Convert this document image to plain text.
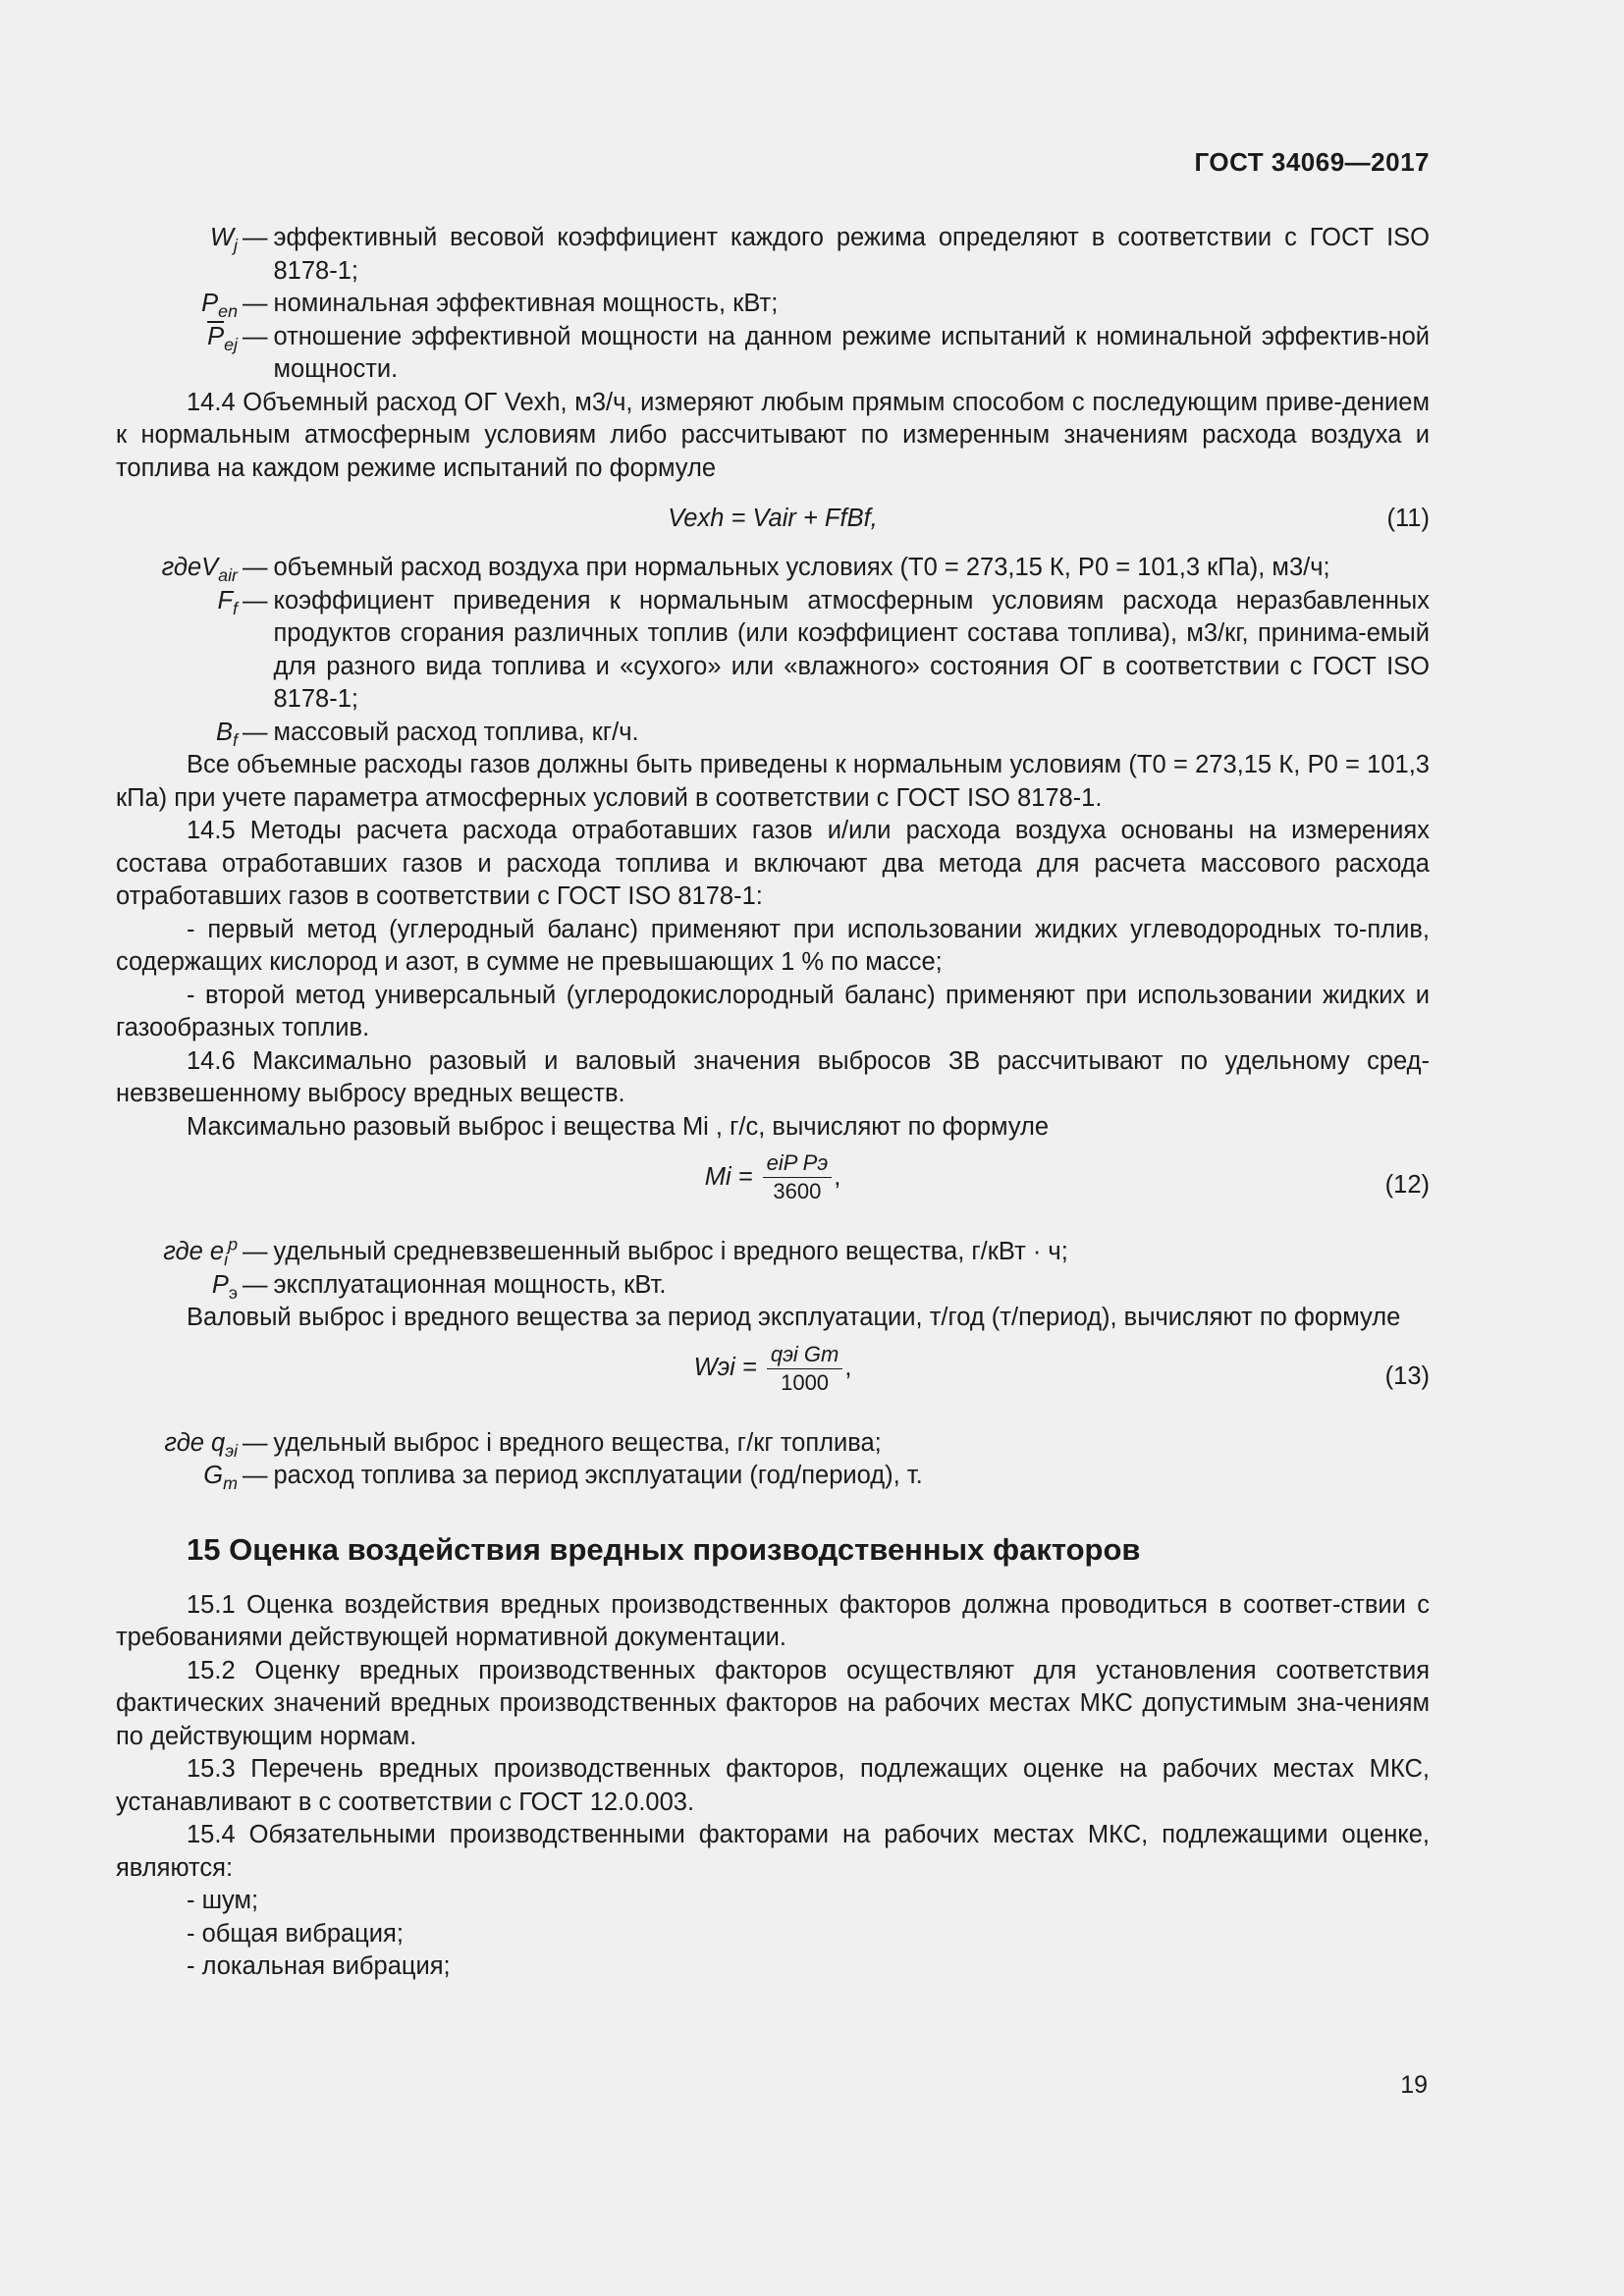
ГОСТ 34069—2017
$W_j$ — эффективный весовой коэффициент каждого режима определяют в соответствии с ГОСТ ISO 8178-1;
$P_{en}$ — номинальная эффективная мощность, кВт;
$\overline{P}_{ej}$ — отношение эффективной мощности на данном режиме испытаний к номинальной эффектив-ной мощности.

14.4 Объемный расход ОГ Vexh, м3/ч, измеряют любым прямым способом с последующим приве-дением к нормальным атмосферным условиям либо рассчитывают по измеренным значениям расхода воздуха и топлива на каждом режиме испытаний по формуле

Vexh = Vair + FfBf,	(11)
гдеV$_{air}$ — объемный расход воздуха при нормальных условиях (T0 = 273,15 К, P0 = 101,3 кПа), м3/ч;
$F_f$ — коэффициент приведения к нормальным атмосферным условиям расхода неразбавленных продуктов сгорания различных топлив (или коэффициент состава топлива), м3/кг, принима-емый для разного вида топлива и «сухого» или «влажного» состояния ОГ в соответствии с ГОСТ ISO 8178-1;
$B_f$ — массовый расход топлива, кг/ч.

Все объемные расходы газов должны быть приведены к нормальным условиям (T0 = 273,15 К, P0 = 101,3 кПа) при учете параметра атмосферных условий в соответствии с ГОСТ ISO 8178-1.

14.5 Методы расчета расхода отработавших газов и/или расхода воздуха основаны на измерениях состава отработавших газов и расхода топлива и включают два метода для расчета массового расхода отработавших газов в соответствии с ГОСТ ISO 8178-1:

- первый метод (углеродный баланс) применяют при использовании жидких углеводородных то-плив, содержащих кислород и азот, в сумме не превышающих 1 % по массе;

- второй метод универсальный (углеродокислородный баланс) применяют при использовании жидких и газообразных топлив.

14.6 Максимально разовый и валовый значения выбросов ЗВ рассчитывают по удельному сред-невзвешенному выбросу вредных веществ.

Максимально разовый выброс i вещества Mi , г/с, вычисляют по формуле

$Mi = \frac{\text{eiP Pэ}}{3600}$ ,	(12)
где $e_i^p$ — удельный средневзвешенный выброс i вредного вещества, г/кВт · ч;
$P_э$ — эксплуатационная мощность, кВт.

Валовый выброс i вредного вещества за период эксплуатации, т/год (т/период), вычисляют по формуле

Wэi = $\frac{\text{qэi Gm}}{1000}$ ,	(13)
где $q_{эi}$ — удельный выброс i вредного вещества, г/кг топлива;
$G_m$ — расход топлива за период эксплуатации (год/период), т.
15 Оценка воздействия вредных производственных факторов

15.1 Оценка воздействия вредных производственных факторов должна проводиться в соответ-ствии с требованиями действующей нормативной документации.

15.2 Оценку вредных производственных факторов осуществляют для установления соответствия фактических значений вредных производственных факторов на рабочих местах МКС допустимым зна-чениям по действующим нормам.

15.3 Перечень вредных производственных факторов, подлежащих оценке на рабочих местах МКС, устанавливают в с соответствии с ГОСТ 12.0.003.

15.4 Обязательными производственными факторами на рабочих местах МКС, подлежащими оценке, являются:

- шум;
- общая вибрация;
- локальная вибрация;
19
